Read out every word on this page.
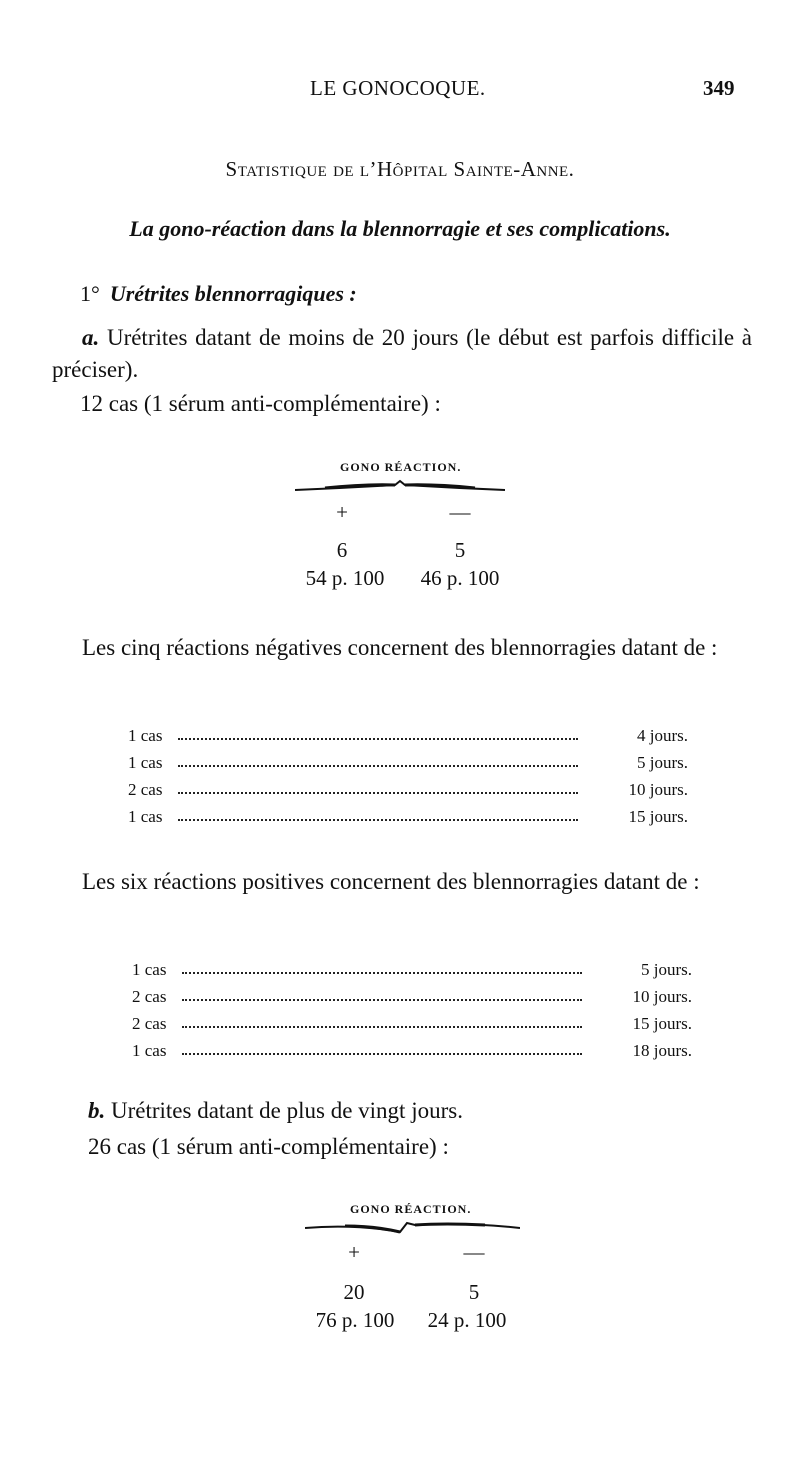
LE GONOCOQUE.	349
Statistique de l’Hôpital Sainte-Anne.
La gono-réaction dans la blennorragie et ses complications.
1° Urétrites blennorragiques :
a. Urétrites datant de moins de 20 jours (le début est parfois difficile à préciser).
12 cas (1 sérum anti-complémentaire) :
GONO RÉACTION.
+	—
6	5
54 p. 100	46 p. 100
Les cinq réactions négatives concernent des blennorragies datant de :
1 cas	4 jours.
1 cas	5 jours.
2 cas	10 jours.
1 cas	15 jours.
Les six réactions positives concernent des blennorragies datant de :
1 cas	5 jours.
2 cas	10 jours.
2 cas	15 jours.
1 cas	18 jours.
b. Urétrites datant de plus de vingt jours.
26 cas (1 sérum anti-complémentaire) :
GONO RÉACTION.
+	—
20	5
76 p. 100	24 p. 100
